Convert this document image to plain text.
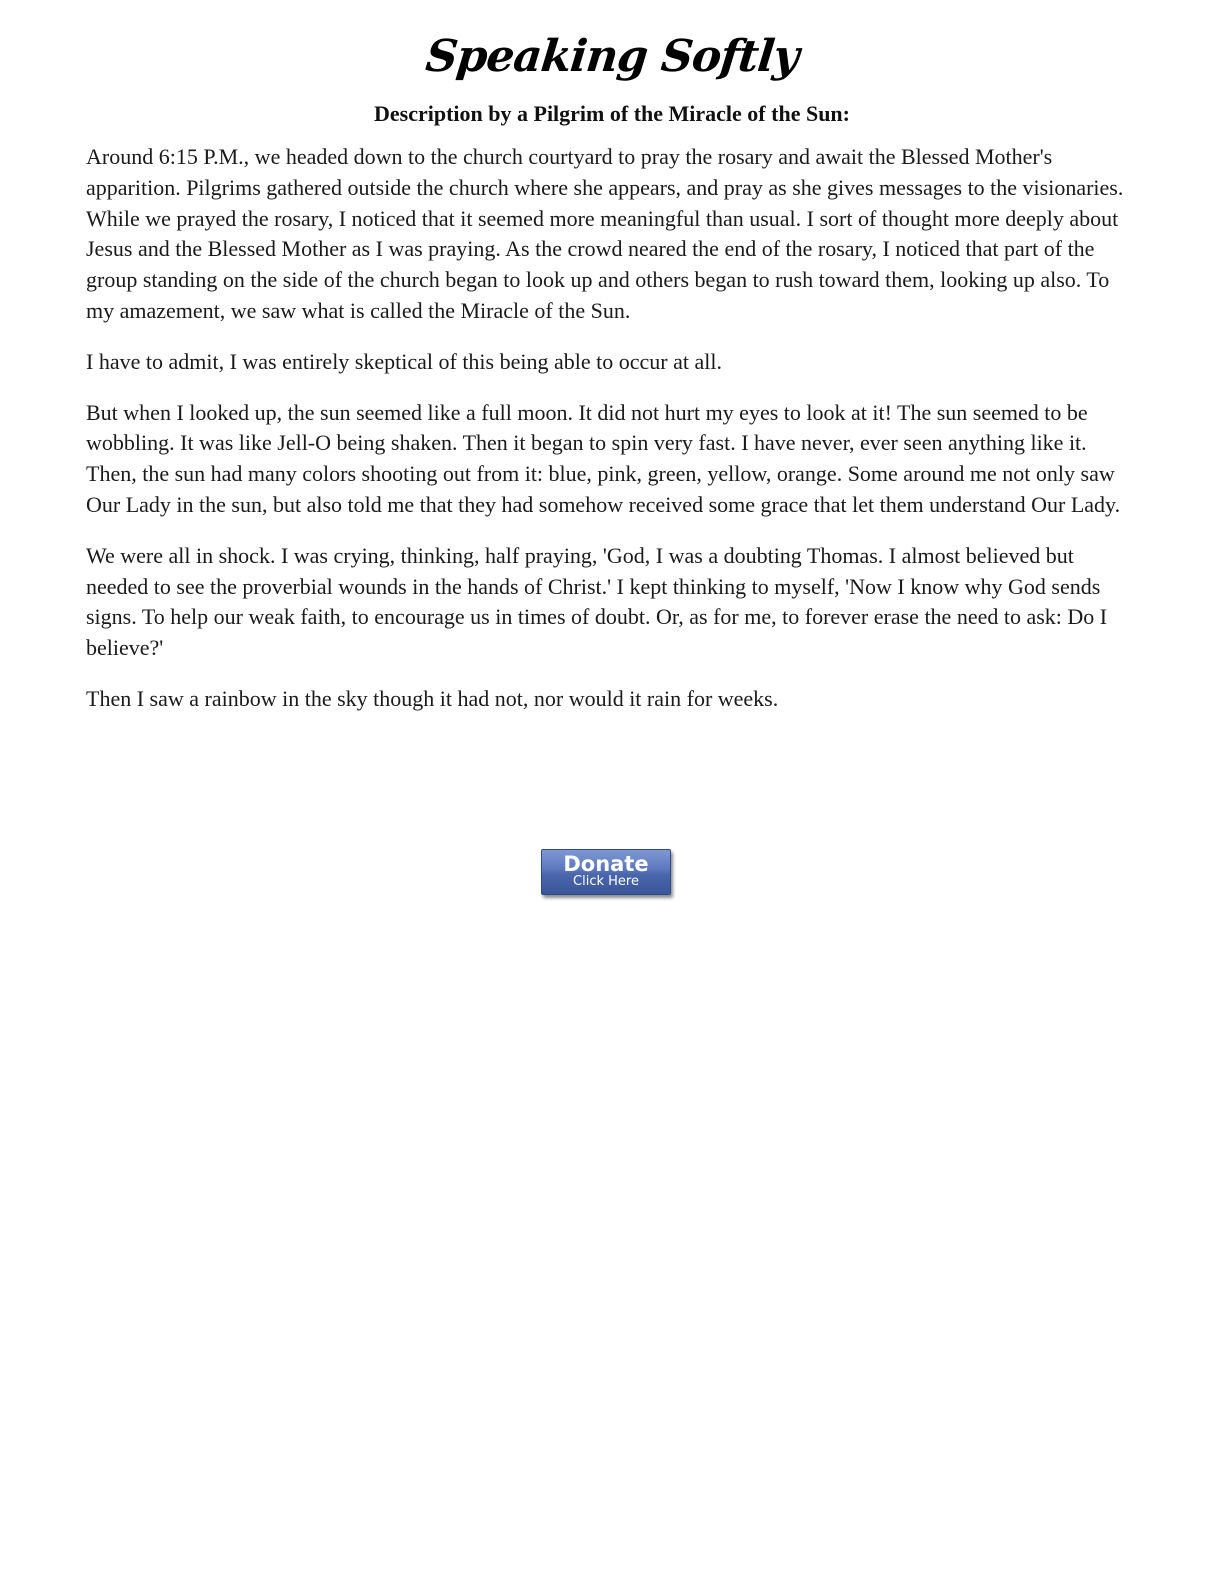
Speaking Softly
Description by a Pilgrim of the Miracle of the Sun:

Around 6:15 P.M., we headed down to the church courtyard to pray the rosary and await the Blessed Mother's apparition. Pilgrims gathered outside the church where she appears, and pray as she gives messages to the visionaries. While we prayed the rosary, I noticed that it seemed more meaningful than usual. I sort of thought more deeply about Jesus and the Blessed Mother as I was praying. As the crowd neared the end of the rosary, I noticed that part of the group standing on the side of the church began to look up and others began to rush toward them, looking up also. To my amazement, we saw what is called the Miracle of the Sun.

I have to admit, I was entirely skeptical of this being able to occur at all.

But when I looked up, the sun seemed like a full moon. It did not hurt my eyes to look at it! The sun seemed to be wobbling. It was like Jell-O being shaken. Then it began to spin very fast. I have never, ever seen anything like it. Then, the sun had many colors shooting out from it: blue, pink, green, yellow, orange. Some around me not only saw Our Lady in the sun, but also told me that they had somehow received some grace that let them understand Our Lady.

We were all in shock. I was crying, thinking, half praying, 'God, I was a doubting Thomas. I almost believed but needed to see the proverbial wounds in the hands of Christ.' I kept thinking to myself, 'Now I know why God sends signs. To help our weak faith, to encourage us in times of doubt. Or, as for me, to forever erase the need to ask: Do I believe?'

Then I saw a rainbow in the sky though it had not, nor would it rain for weeks.

Donate
Click Here
